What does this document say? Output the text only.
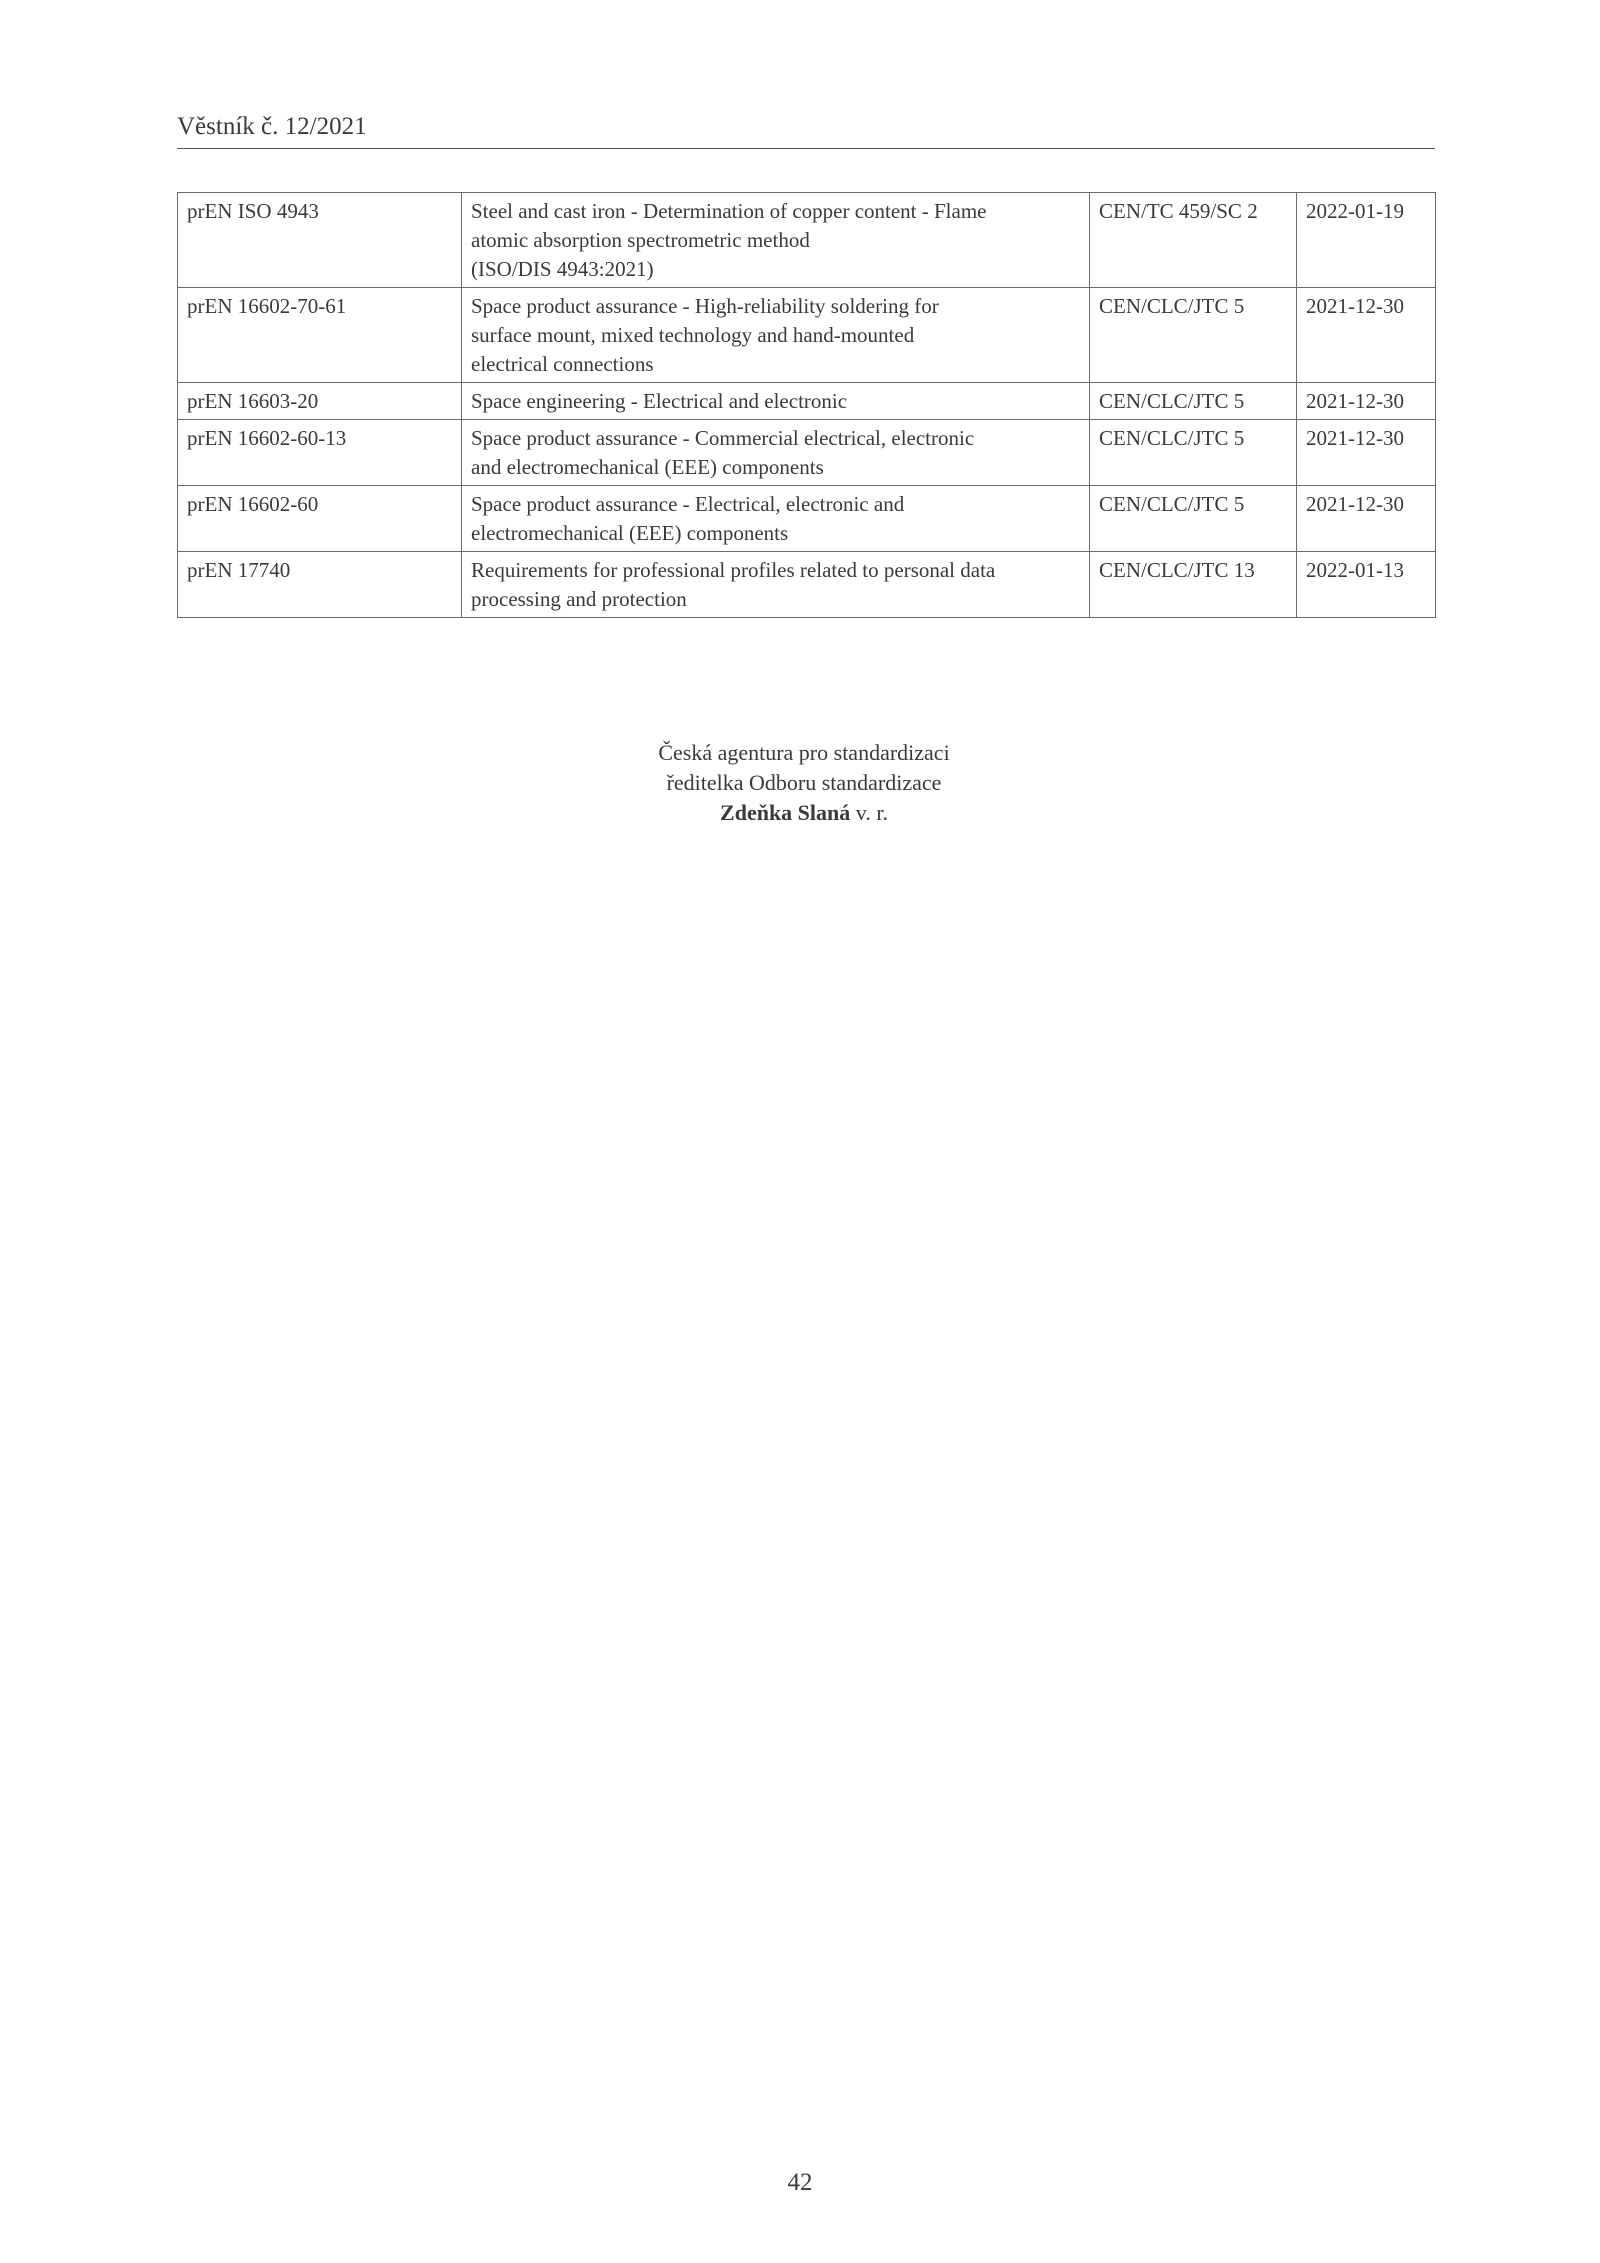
Věstník č. 12/2021
prEN ISO 4943	Steel and cast iron - Determination of copper content - Flame
atomic absorption spectrometric method
(ISO/DIS 4943:2021)	CEN/TC 459/SC 2	2022-01-19
prEN 16602-70-61	Space product assurance - High-reliability soldering for
surface mount, mixed technology and hand-mounted
electrical connections	CEN/CLC/JTC 5	2021-12-30
prEN 16603-20	Space engineering - Electrical and electronic	CEN/CLC/JTC 5	2021-12-30
prEN 16602-60-13	Space product assurance - Commercial electrical, electronic
and electromechanical (EEE) components	CEN/CLC/JTC 5	2021-12-30
prEN 16602-60	Space product assurance - Electrical, electronic and
electromechanical (EEE) components	CEN/CLC/JTC 5	2021-12-30
prEN 17740	Requirements for professional profiles related to personal data
processing and protection	CEN/CLC/JTC 13	2022-01-13
Česká agentura pro standardizaci
ředitelka Odboru standardizace
Zdeňka Slaná v. r.
42
